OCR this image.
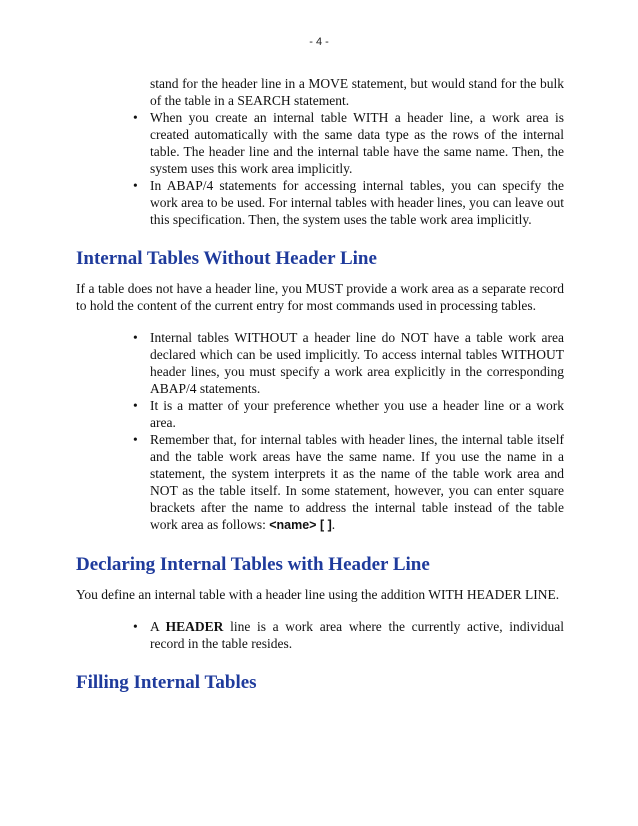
- 4 -
stand for the header line in a MOVE statement, but would stand for the bulk of the table in a SEARCH statement.
• When you create an internal table WITH a header line, a work area is created automatically with the same data type as the rows of the internal table. The header line and the internal table have the same name. Then, the system uses this work area implicitly.
• In ABAP/4 statements for accessing internal tables, you can specify the work area to be used. For internal tables with header lines, you can leave out this specification. Then, the system uses the table work area implicitly.
Internal Tables Without Header Line

If a table does not have a header line, you MUST provide a work area as a separate record to hold the content of the current entry for most commands used in processing tables.

• Internal tables WITHOUT a header line do NOT have a table work area declared which can be used implicitly. To access internal tables WITHOUT header lines, you must specify a work area explicitly in the corresponding ABAP/4 statements.
• It is a matter of your preference whether you use a header line or a work area.
• Remember that, for internal tables with header lines, the internal table itself and the table work areas have the same name. If you use the name in a statement, the system interprets it as the name of the table work area and NOT as the table itself. In some statement, however, you can enter square brackets after the name to address the internal table instead of the table work area as follows: <name> [ ].
Declaring Internal Tables with Header Line

You define an internal table with a header line using the addition WITH HEADER LINE.

• A HEADER line is a work area where the currently active, individual record in the table resides.
Filling Internal Tables
